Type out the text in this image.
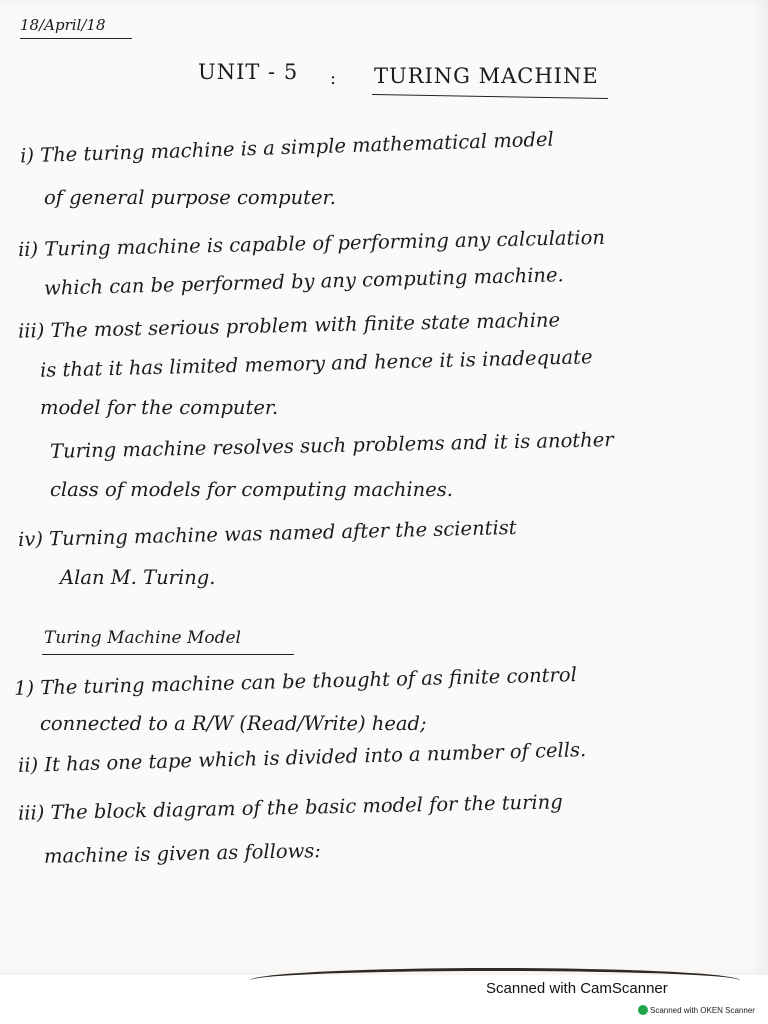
18/April/18
UNIT - 5 : TURING MACHINE
i) The turing machine is a simple mathematical model
of general purpose computer.
ii) Turing machine is capable of performing any calculation
which can be performed by any computing machine.
iii) The most serious problem with finite state machine
is that it has limited memory and hence it is inadequate
model for the computer.
Turing machine resolves such problems and it is another
class of models for computing machines.
iv) Turning machine was named after the scientist
Alan M. Turing.
Turing Machine Model
1) The turing machine can be thought of as finite control
connected to a R/W (Read/Write) head;
ii) It has one tape which is divided into a number of cells.
iii) The block diagram of the basic model for the turing
machine is given as follows:
Scanned with CamScanner
Scanned with OKEN Scanner
